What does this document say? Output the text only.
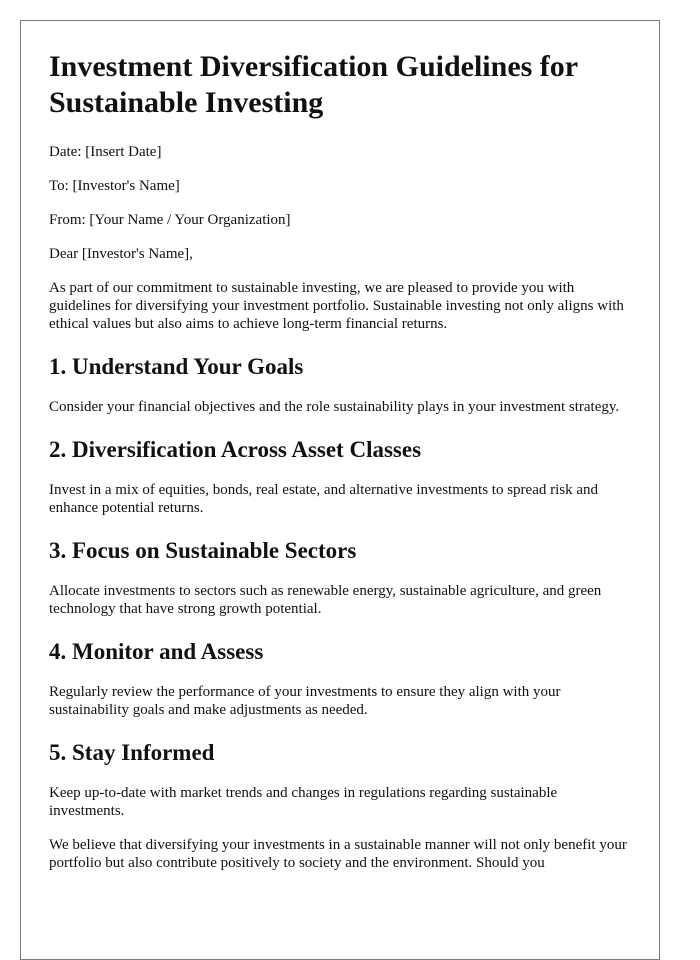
Investment Diversification Guidelines for Sustainable Investing

Date: [Insert Date]

To: [Investor's Name]

From: [Your Name / Your Organization]

Dear [Investor's Name],

As part of our commitment to sustainable investing, we are pleased to provide you with guidelines for diversifying your investment portfolio. Sustainable investing not only aligns with ethical values but also aims to achieve long-term financial returns.

1. Understand Your Goals

Consider your financial objectives and the role sustainability plays in your investment strategy.

2. Diversification Across Asset Classes

Invest in a mix of equities, bonds, real estate, and alternative investments to spread risk and enhance potential returns.

3. Focus on Sustainable Sectors

Allocate investments to sectors such as renewable energy, sustainable agriculture, and green technology that have strong growth potential.

4. Monitor and Assess

Regularly review the performance of your investments to ensure they align with your sustainability goals and make adjustments as needed.

5. Stay Informed

Keep up-to-date with market trends and changes in regulations regarding sustainable investments.

We believe that diversifying your investments in a sustainable manner will not only benefit your portfolio but also contribute positively to society and the environment. Should you
